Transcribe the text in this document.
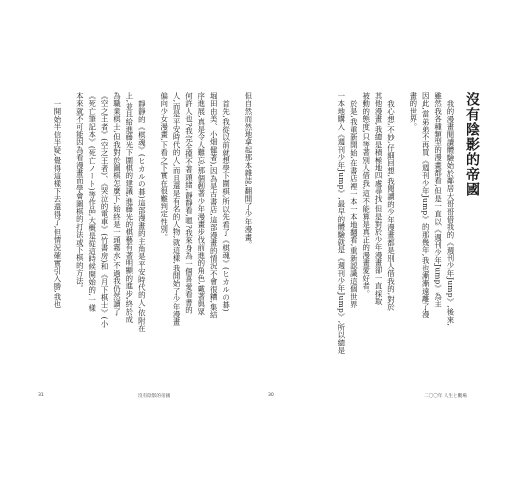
沒有陰影的帝國
我的漫畫閱讀體驗始於鄰居大哥哥借我的《週刊少年Jump》,後來,
雖然我各種類型的漫畫都看,但是一直以《週刊少年Jump》為主
因此,當弟弟不再買《週刊少年Jump》的那幾年,我也漸漸遠離了漫
畫的世界。
我心想,不妙,仔細回想,我閱讀的少年漫畫都是別人借我的,對於
其他漫畫,我總是積極地四處尋找,但是對於少年漫畫卻一直採取
被動的態度,只等著別人借我,這不能算是真正的漫畫愛好者。
於是,我重新開始,在書店裡一本一本地翻看,重新認識這個世界
一本地購入《週刊少年Jump》,最早的體驗就是《週刊少年Jump》,所以總是
但自然而然地拿起那本雜誌,翻開了少年漫畫。
首先,我從以前就想學下圍棋,所以先看了《棋魂》(ヒカルの碁)
堀田由美、小畑健著),因為是古書店,這部漫畫的情況不會很糟,集結
序進展,真是令人難忘,那個韌著少年漫畫步伐前進的角色,戴著與眾
何許人也?我完全摸不著頭緒,靜靜看,嗯?我來身為一個喜愛看書的
人,而是平安時代的人,而且還是有名的人物,就這樣,我開始了少年漫畫
偏向少女漫畫,下看之下實在很難判定性別。
靜靜的《棋魂》(ヒカルの碁)這部漫畫的主角是平安時代的人,依附在
上,並且給進藤光下圍棋的建議,進藤光的棋藝有著明顯的進步,終於成
為職業棋士,但我對於圍棋怎麼下,始終是一頭霧水,不過我仍然讀了
《空之王者》(空之王者)、《哭泣的電車》(竹書房)和《月下棋士》(小
《死亡筆記本》(死亡ノート)等作品,大概是從這時候開始的,一樣
本來就不可能因為看漫畫而學會圍棋的打法或下棋的方法。
一開始半信半疑,覺得這樣下去還得了,但情況確實引入勝,我也
31	沒有陰影的帝國	30	二〇〇年 人生と觀場
